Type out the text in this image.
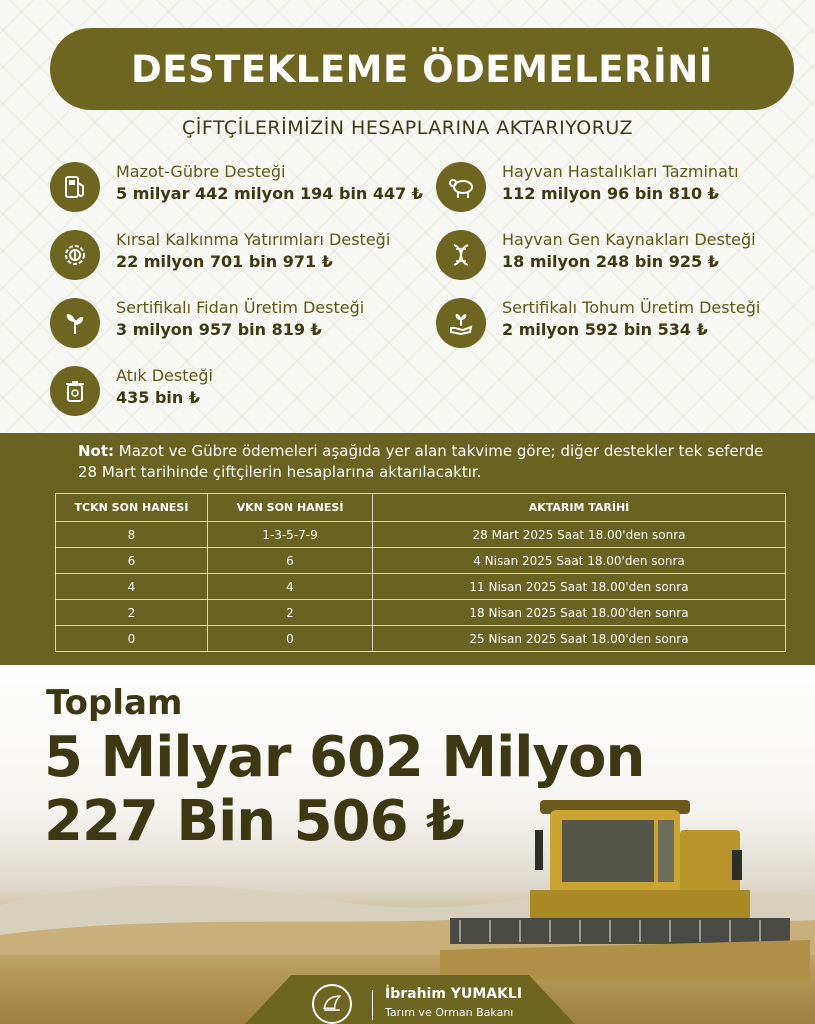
DESTEKLEME ÖDEMELERİNİ
ÇİFTÇİLERİMİZİN HESAPLARINA AKTARIYORUZ
Mazot-Gübre Desteği
5 milyar 442 milyon 194 bin 447 ₺
Hayvan Hastalıkları Tazminatı
112 milyon 96 bin 810 ₺
Kırsal Kalkınma Yatırımları Desteği
22 milyon 701 bin 971 ₺
Hayvan Gen Kaynakları Desteği
18 milyon 248 bin 925 ₺
Sertifikalı Fidan Üretim Desteği
3 milyon 957 bin 819 ₺
Sertifikalı Tohum Üretim Desteği
2 milyon 592 bin 534 ₺
Atık Desteği
435 bin ₺
Not: Mazot ve Gübre ödemeleri aşağıda yer alan takvime göre; diğer destekler tek seferde 28 Mart tarihinde çiftçilerin hesaplarına aktarılacaktır.
TCKN SON HANESİ	VKN SON HANESİ	AKTARIM TARİHİ
8	1-3-5-7-9	28 Mart 2025 Saat 18.00'den sonra
6	6	4 Nisan 2025 Saat 18.00'den sonra
4	4	11 Nisan 2025 Saat 18.00'den sonra
2	2	18 Nisan 2025 Saat 18.00'den sonra
0	0	25 Nisan 2025 Saat 18.00'den sonra
Toplam
5 Milyar 602 Milyon
227 Bin 506 ₺
İbrahim YUMAKLI
Tarım ve Orman Bakanı
